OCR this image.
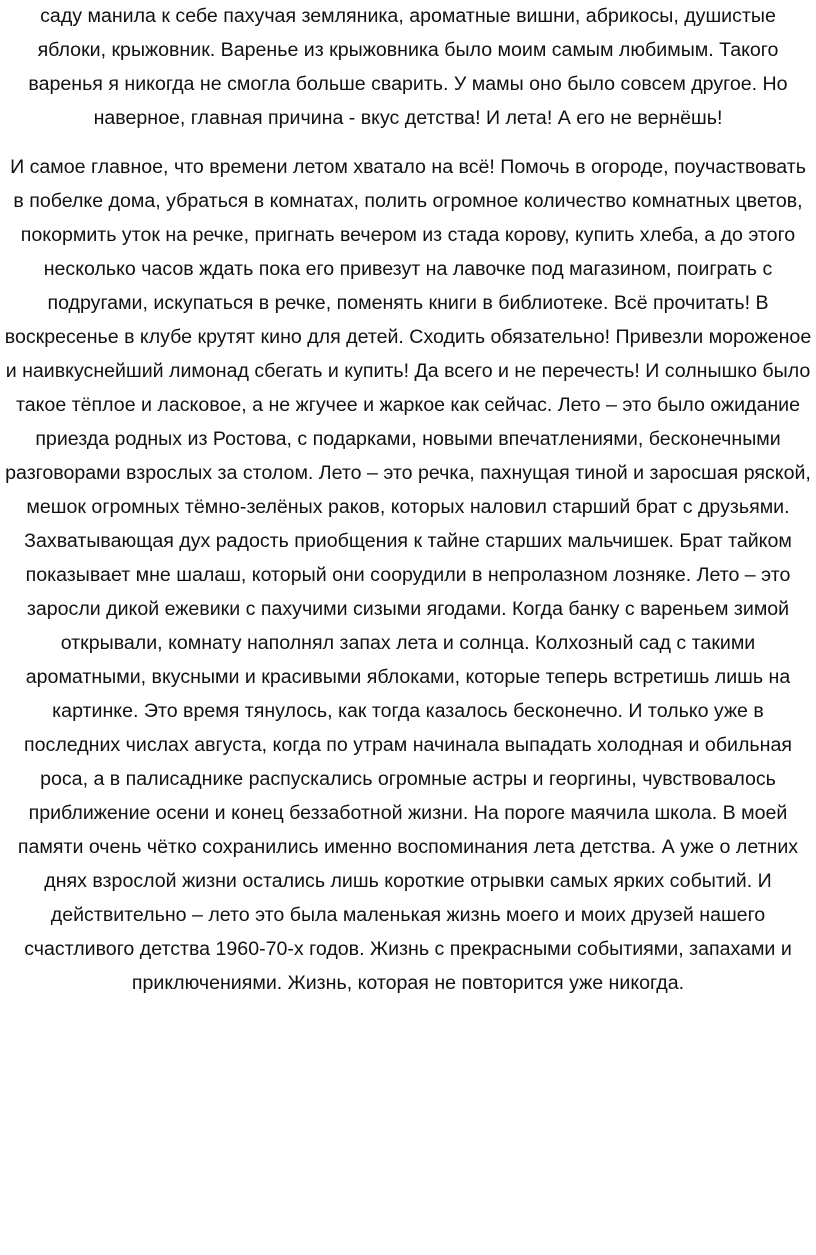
саду манила к себе пахучая земляника, ароматные вишни, абрикосы, душистые яблоки, крыжовник. Варенье из крыжовника было моим самым любимым. Такого варенья я никогда не смогла больше сварить. У мамы оно было совсем другое. Но наверное, главная причина - вкус детства! И лета! А его не вернёшь!

И самое главное, что времени летом хватало на всё! Помочь в огороде, поучаствовать в побелке дома, убраться в комнатах, полить огромное количество комнатных цветов, покормить уток на речке, пригнать вечером из стада корову, купить хлеба, а до этого несколько часов ждать пока его привезут на лавочке под магазином, поиграть с подругами, искупаться в речке, поменять книги в библиотеке. Всё прочитать! В воскресенье в клубе крутят кино для детей. Сходить обязательно! Привезли мороженое и наивкуснейший лимонад сбегать и купить! Да всего и не перечесть! И солнышко было такое тёплое и ласковое, а не жгучее и жаркое как сейчас. Лето – это было ожидание приезда родных из Ростова, с подарками, новыми впечатлениями, бесконечными разговорами взрослых за столом. Лето – это речка, пахнущая тиной и заросшая ряской, мешок огромных тёмно-зелёных раков, которых наловил старший брат с друзьями. Захватывающая дух радость приобщения к тайне старших мальчишек. Брат тайком показывает мне шалаш, который они соорудили в непролазном лозняке. Лето – это заросли дикой ежевики с пахучими сизыми ягодами. Когда банку с вареньем зимой открывали, комнату наполнял запах лета и солнца. Колхозный сад с такими ароматными, вкусными и красивыми яблоками, которые теперь встретишь лишь на картинке. Это время тянулось, как тогда казалось бесконечно. И только уже в последних числах августа, когда по утрам начинала выпадать холодная и обильная роса, а в палисаднике распускались огромные астры и георгины, чувствовалось приближение осени и конец беззаботной жизни. На пороге маячила школа. В моей памяти очень чётко сохранились именно воспоминания лета детства. А уже о летних днях взрослой жизни остались лишь короткие отрывки самых ярких событий. И действительно – лето это была маленькая жизнь моего и моих друзей нашего счастливого детства 1960-70-х годов. Жизнь с прекрасными событиями, запахами и приключениями. Жизнь, которая не повторится уже никогда.
